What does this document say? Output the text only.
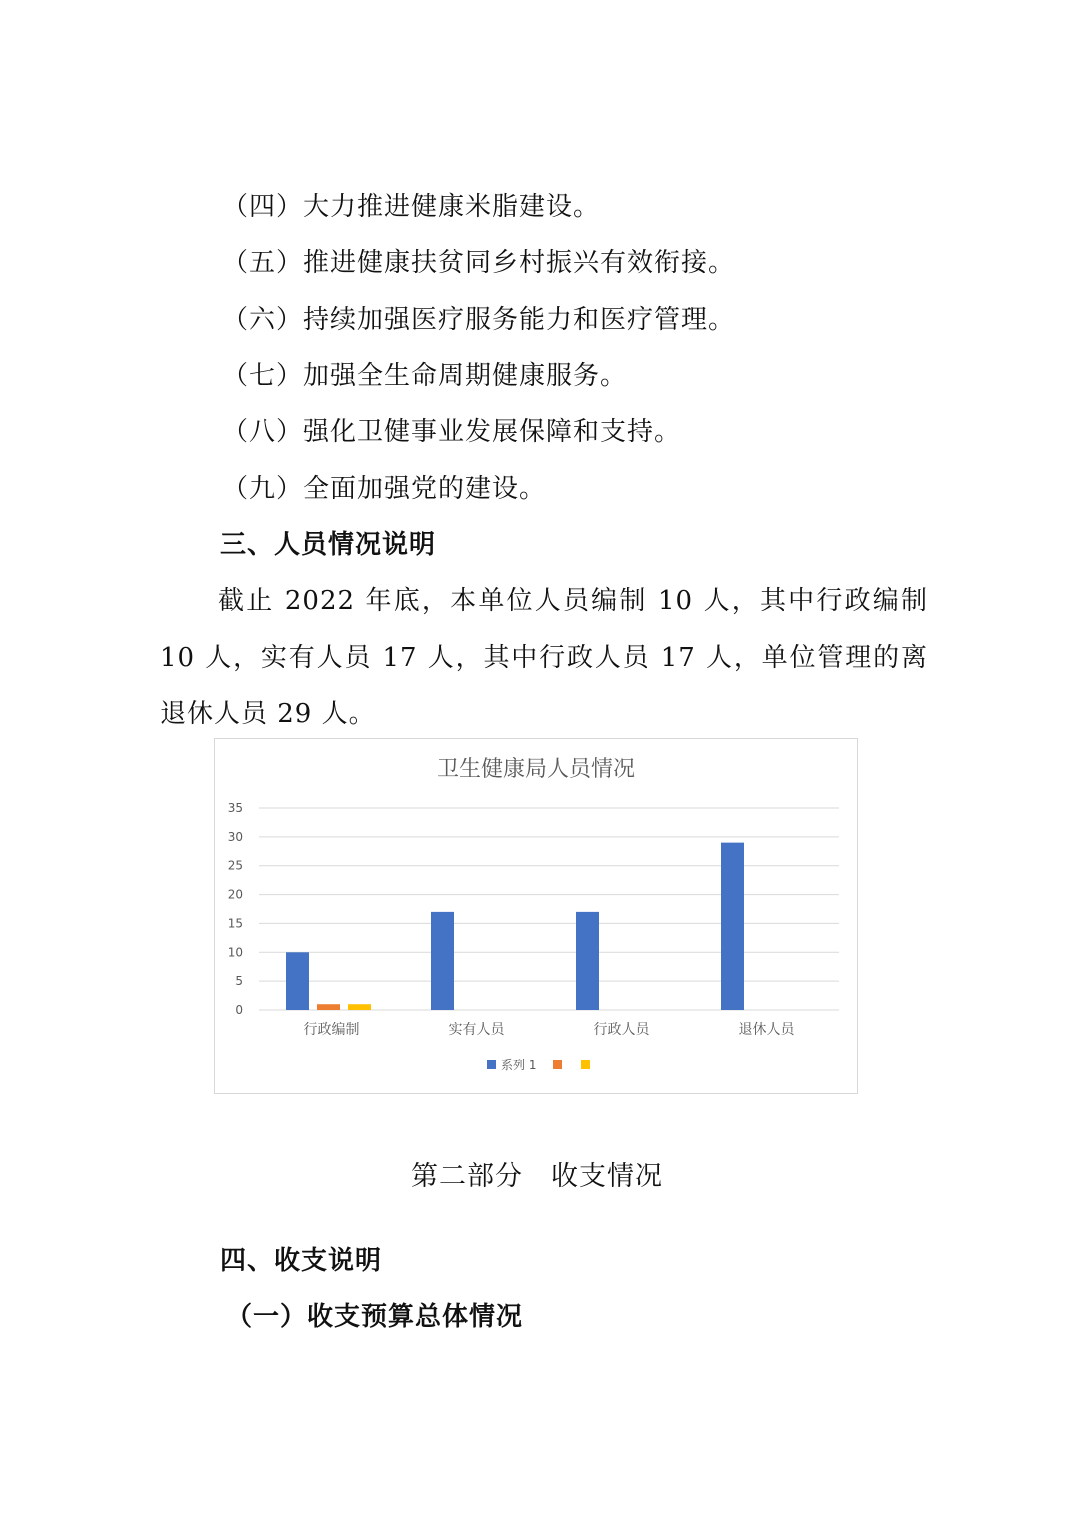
（四）大力推进健康米脂建设。
（五）推进健康扶贫同乡村振兴有效衔接。
（六）持续加强医疗服务能力和医疗管理。
（七）加强全生命周期健康服务。
（八）强化卫健事业发展保障和支持。
（九）全面加强党的建设。
三、人员情况说明
截止 2022 年底，本单位人员编制 10 人，其中行政编制
10 人，实有人员 17 人，其中行政人员 17 人，单位管理的离
退休人员 29 人。
卫生健康局人员情况
0
5
10
15
20
25
30
35
行政编制	实有人员	行政人员	退休人员
系列 1
第二部分　收支情况
四、收支说明
（一）收支预算总体情况
